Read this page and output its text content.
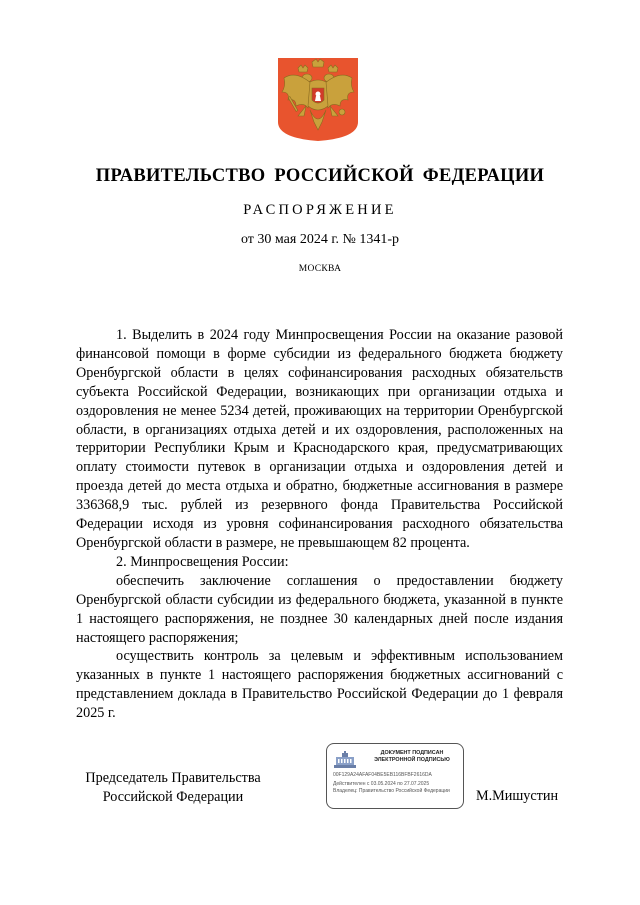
ПРАВИТЕЛЬСТВО РОССИЙСКОЙ ФЕДЕРАЦИИ
РАСПОРЯЖЕНИЕ
от 30 мая 2024 г. № 1341-р
МОСКВА

1. Выделить в 2024 году Минпросвещения России на оказание разовой финансовой помощи в форме субсидии из федерального бюджета бюджету Оренбургской области в целях софинансирования расходных обязательств субъекта Российской Федерации, возникающих при организации отдыха и оздоровления не менее 5234 детей, проживающих на территории Оренбургской области, в организациях отдыха детей и их оздоровления, расположенных на территории Республики Крым и Краснодарского края, предусматривающих оплату стоимости путевок в организации отдыха и оздоровления детей и проезда детей до места отдыха и обратно, бюджетные ассигнования в размере 336368,9 тыс. рублей из резервного фонда Правительства Российской Федерации исходя из уровня софинансирования расходного обязательства Оренбургской области в размере, не превышающем 82 процента.

2. Минпросвещения России:

обеспечить заключение соглашения о предоставлении бюджету Оренбургской области субсидии из федерального бюджета, указанной в пункте 1 настоящего распоряжения, не позднее 30 календарных дней после издания настоящего распоряжения;

осуществить контроль за целевым и эффективным использованием указанных в пункте 1 настоящего распоряжения бюджетных ассигнований с представлением доклада в Правительство Российской Федерации до 1 февраля 2025 г.

Председатель Правительства
Российской Федерации
ДОКУМЕНТ ПОДПИСАН
ЭЛЕКТРОННОЙ ПОДПИСЬЮ
00F129A24AFAF04BE5EB116BFBF2616DA
Действителен с 03.05.2024 по 27.07.2025
Владелец: Правительство Российской Федерации	М.Мишустин
